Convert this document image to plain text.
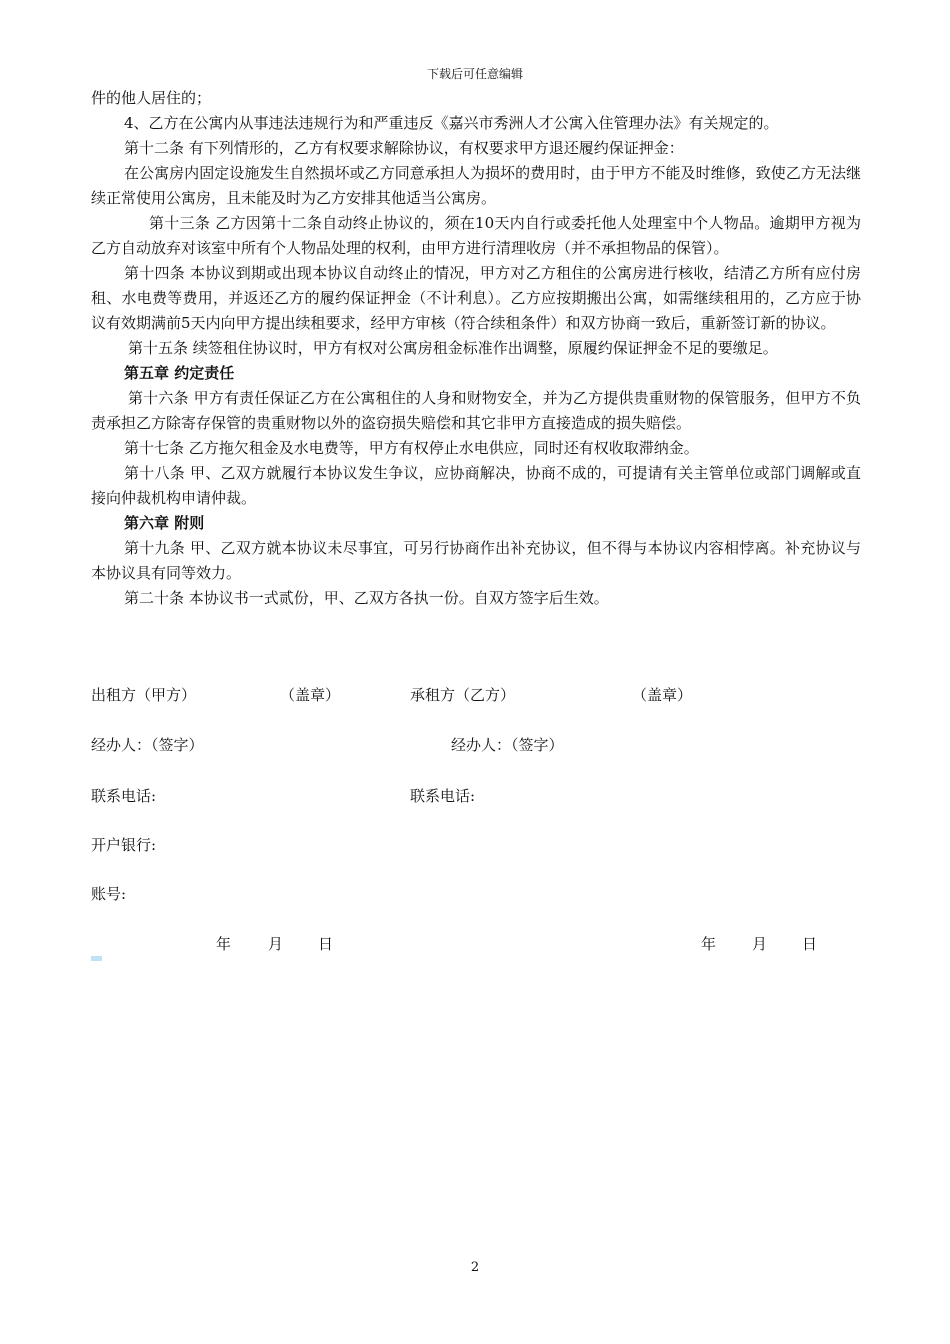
下载后可任意编辑

件的他人居住的；

4、乙方在公寓内从事违法违规行为和严重违反《嘉兴市秀洲人才公寓入住管理办法》有关规定的。

第十二条 有下列情形的，乙方有权要求解除协议，有权要求甲方退还履约保证押金：

在公寓房内固定设施发生自然损坏或乙方同意承担人为损坏的费用时，由于甲方不能及时维修，致使乙方无法继续正常使用公寓房，且未能及时为乙方安排其他适当公寓房。

第十三条 乙方因第十二条自动终止协议的，须在10天内自行或委托他人处理室中个人物品。逾期甲方视为乙方自动放弃对该室中所有个人物品处理的权利，由甲方进行清理收房（并不承担物品的保管）。

第十四条 本协议到期或出现本协议自动终止的情况，甲方对乙方租住的公寓房进行核收，结清乙方所有应付房租、水电费等费用，并返还乙方的履约保证押金（不计利息）。乙方应按期搬出公寓，如需继续租用的，乙方应于协议有效期满前5天内向甲方提出续租要求，经甲方审核（符合续租条件）和双方协商一致后，重新签订新的协议。

第十五条 续签租住协议时，甲方有权对公寓房租金标准作出调整，原履约保证押金不足的要缴足。

第五章 约定责任

第十六条 甲方有责任保证乙方在公寓租住的人身和财物安全，并为乙方提供贵重财物的保管服务，但甲方不负责承担乙方除寄存保管的贵重财物以外的盗窃损失赔偿和其它非甲方直接造成的损失赔偿。

第十七条 乙方拖欠租金及水电费等，甲方有权停止水电供应，同时还有权收取滞纳金。

第十八条 甲、乙双方就履行本协议发生争议，应协商解决，协商不成的，可提请有关主管单位或部门调解或直接向仲裁机构申请仲裁。

第六章 附则

第十九条 甲、乙双方就本协议未尽事宜，可另行协商作出补充协议，但不得与本协议内容相悖离。补充协议与本协议具有同等效力。

第二十条 本协议书一式贰份，甲、乙双方各执一份。自双方签字后生效。

出租方（甲方）	（盖章）	承租方（乙方）	（盖章）
经办人：（签字）	经办人：（签字）
联系电话:	联系电话:
开户银行:
账号:
年 月 日	年 月 日
2
